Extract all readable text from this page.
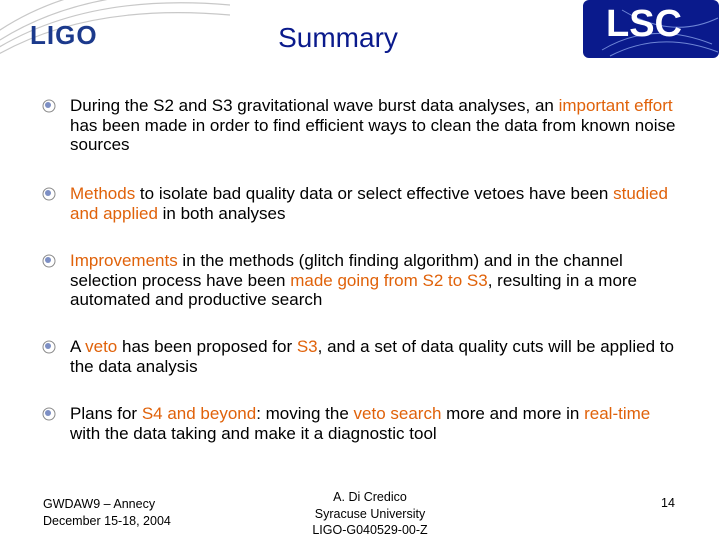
LIGO	LSC
Summary
During the S2 and S3 gravitational wave burst data analyses, an important effort has been made in order to find efficient ways to clean the data from known noise sources
Methods to isolate bad quality data or select effective vetoes have been studied and applied in both analyses
Improvements in the methods (glitch finding algorithm) and in the channel selection process have been made going from S2 to S3, resulting in a more automated and productive search
A veto has been proposed for S3, and a set of data quality cuts will be applied to the data analysis
Plans for S4 and beyond: moving the veto search more and more in real-time with the data taking and make it a diagnostic tool
GWDAW9 – Annecy
December 15-18, 2004
A. Di Credico
Syracuse University
LIGO-G040529-00-Z
14
